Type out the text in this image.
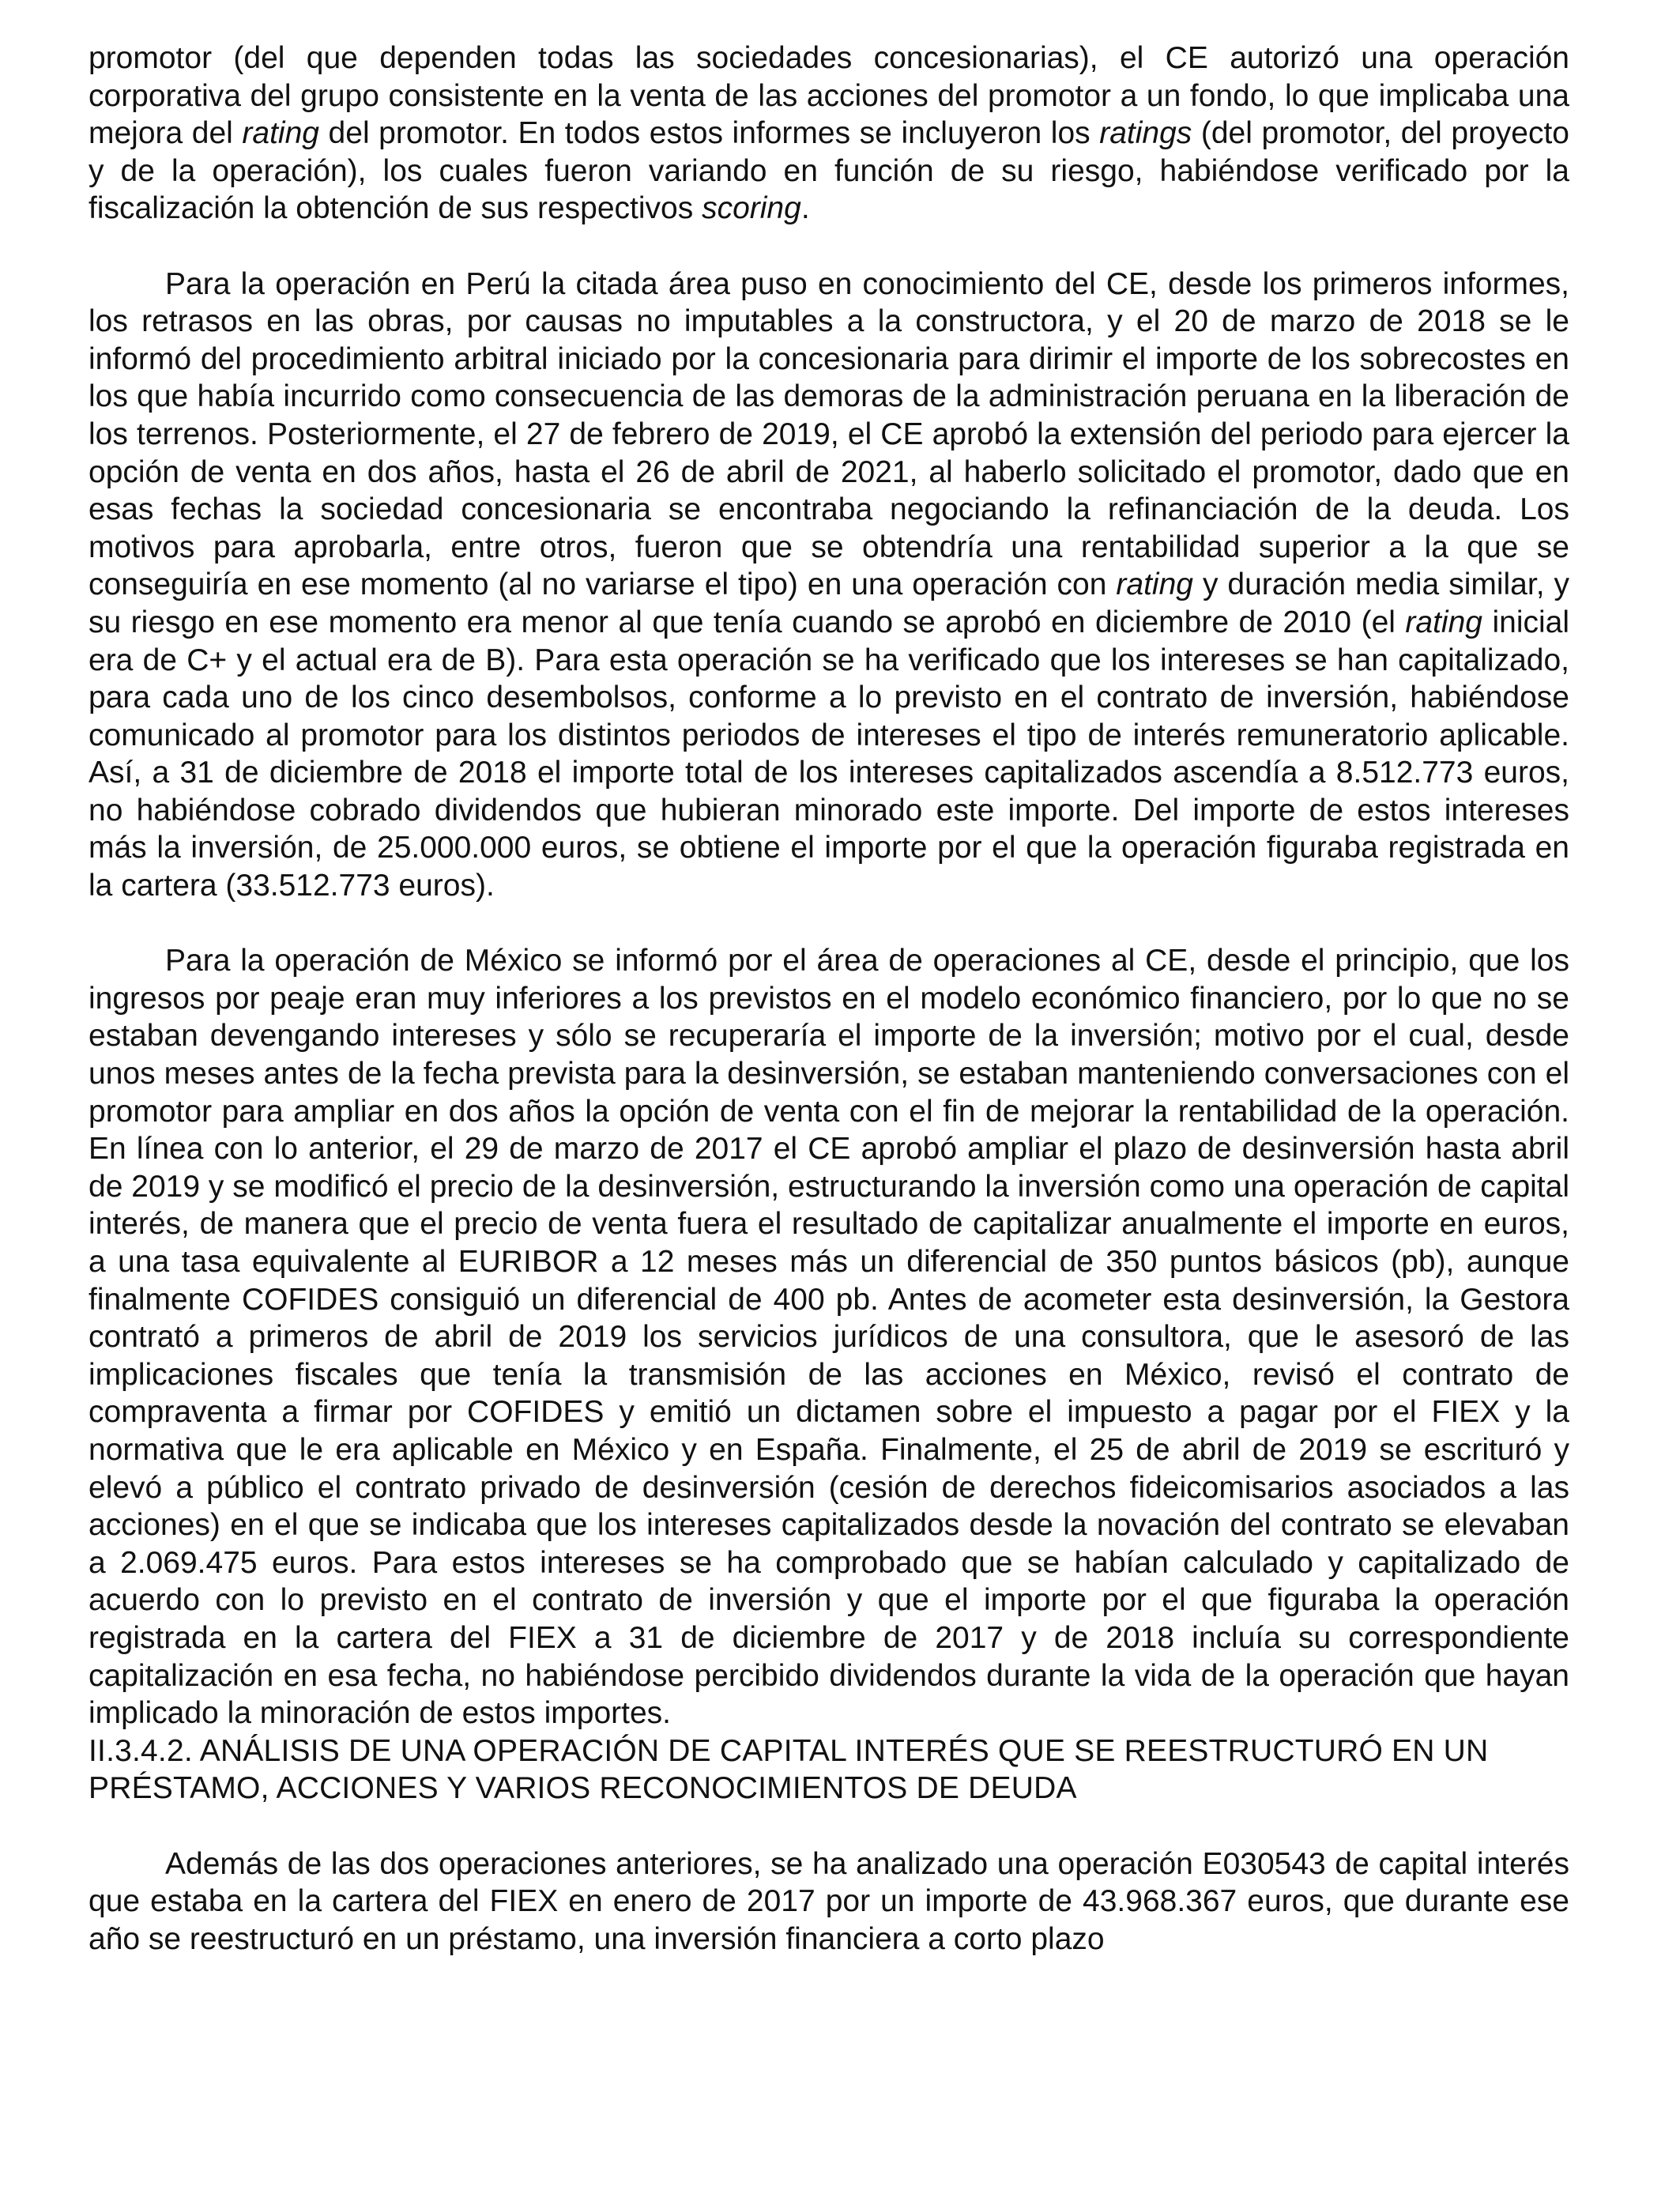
promotor (del que dependen todas las sociedades concesionarias), el CE autorizó una operación corporativa del grupo consistente en la venta de las acciones del promotor a un fondo, lo que implicaba una mejora del rating del promotor. En todos estos informes se incluyeron los ratings (del promotor, del proyecto y de la operación), los cuales fueron variando en función de su riesgo, habiéndose verificado por la fiscalización la obtención de sus respectivos scoring.

Para la operación en Perú la citada área puso en conocimiento del CE, desde los primeros informes, los retrasos en las obras, por causas no imputables a la constructora, y el 20 de marzo de 2018 se le informó del procedimiento arbitral iniciado por la concesionaria para dirimir el importe de los sobrecostes en los que había incurrido como consecuencia de las demoras de la administración peruana en la liberación de los terrenos. Posteriormente, el 27 de febrero de 2019, el CE aprobó la extensión del periodo para ejercer la opción de venta en dos años, hasta el 26 de abril de 2021, al haberlo solicitado el promotor, dado que en esas fechas la sociedad concesionaria se encontraba negociando la refinanciación de la deuda. Los motivos para aprobarla, entre otros, fueron que se obtendría una rentabilidad superior a la que se conseguiría en ese momento (al no variarse el tipo) en una operación con rating y duración media similar, y su riesgo en ese momento era menor al que tenía cuando se aprobó en diciembre de 2010 (el rating inicial era de C+ y el actual era de B). Para esta operación se ha verificado que los intereses se han capitalizado, para cada uno de los cinco desembolsos, conforme a lo previsto en el contrato de inversión, habiéndose comunicado al promotor para los distintos periodos de intereses el tipo de interés remuneratorio aplicable. Así, a 31 de diciembre de 2018 el importe total de los intereses capitalizados ascendía a 8.512.773 euros, no habiéndose cobrado dividendos que hubieran minorado este importe. Del importe de estos intereses más la inversión, de 25.000.000 euros, se obtiene el importe por el que la operación figuraba registrada en la cartera (33.512.773 euros).

Para la operación de México se informó por el área de operaciones al CE, desde el principio, que los ingresos por peaje eran muy inferiores a los previstos en el modelo económico financiero, por lo que no se estaban devengando intereses y sólo se recuperaría el importe de la inversión; motivo por el cual, desde unos meses antes de la fecha prevista para la desinversión, se estaban manteniendo conversaciones con el promotor para ampliar en dos años la opción de venta con el fin de mejorar la rentabilidad de la operación. En línea con lo anterior, el 29 de marzo de 2017 el CE aprobó ampliar el plazo de desinversión hasta abril de 2019 y se modificó el precio de la desinversión, estructurando la inversión como una operación de capital interés, de manera que el precio de venta fuera el resultado de capitalizar anualmente el importe en euros, a una tasa equivalente al EURIBOR a 12 meses más un diferencial de 350 puntos básicos (pb), aunque finalmente COFIDES consiguió un diferencial de 400 pb. Antes de acometer esta desinversión, la Gestora contrató a primeros de abril de 2019 los servicios jurídicos de una consultora, que le asesoró de las implicaciones fiscales que tenía la transmisión de las acciones en México, revisó el contrato de compraventa a firmar por COFIDES y emitió un dictamen sobre el impuesto a pagar por el FIEX y la normativa que le era aplicable en México y en España. Finalmente, el 25 de abril de 2019 se escrituró y elevó a público el contrato privado de desinversión (cesión de derechos fideicomisarios asociados a las acciones) en el que se indicaba que los intereses capitalizados desde la novación del contrato se elevaban a 2.069.475 euros. Para estos intereses se ha comprobado que se habían calculado y capitalizado de acuerdo con lo previsto en el contrato de inversión y que el importe por el que figuraba la operación registrada en la cartera del FIEX a 31 de diciembre de 2017 y de 2018 incluía su correspondiente capitalización en esa fecha, no habiéndose percibido dividendos durante la vida de la operación que hayan implicado la minoración de estos importes.

II.3.4.2. ANÁLISIS DE UNA OPERACIÓN DE CAPITAL INTERÉS QUE SE REESTRUCTURÓ EN UN PRÉSTAMO, ACCIONES Y VARIOS RECONOCIMIENTOS DE DEUDA

Además de las dos operaciones anteriores, se ha analizado una operación E030543 de capital interés que estaba en la cartera del FIEX en enero de 2017 por un importe de 43.968.367 euros, que durante ese año se reestructuró en un préstamo, una inversión financiera a corto plazo
